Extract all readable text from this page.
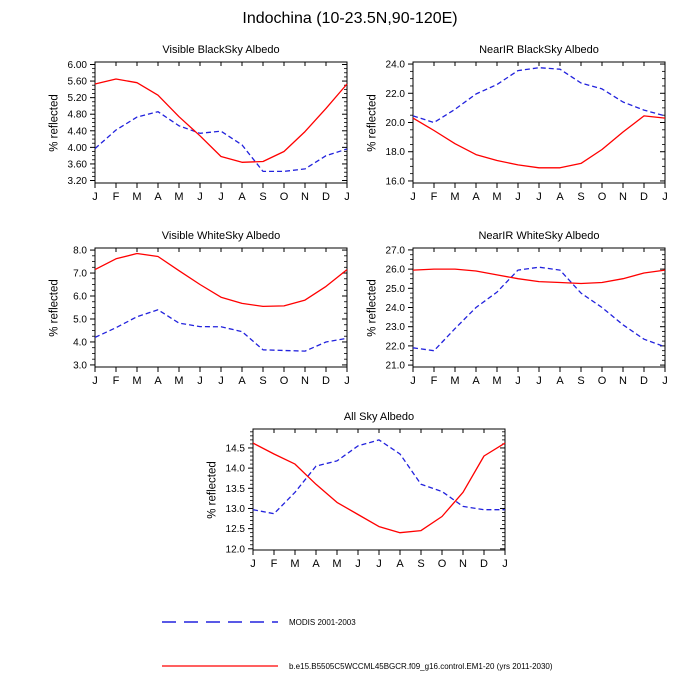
Indochina (10-23.5N,90-120E)
Visible BlackSky Albedo
% reflected
J F M A M J J A S O N D J
3.20
3.60
4.00
4.40
4.80
5.20
5.60
6.00
NearIR BlackSky Albedo
% reflected
J F M A M J J A S O N D J
16.0
18.0
20.0
22.0
24.0
Visible WhiteSky Albedo
% reflected
J F M A M J J A S O N D J
3.0
4.0
5.0
6.0
7.0
8.0
NearIR WhiteSky Albedo
% reflected
J F M A M J J A S O N D J
21.0
22.0
23.0
24.0
25.0
26.0
27.0
All Sky Albedo
% reflected
J F M A M J J A S O N D J
12.0
12.5
13.0
13.5
14.0
14.5
MODIS 2001-2003
b.e15.B5505C5WCCML45BGCR.f09_g16.control.EM1-20 (yrs 2011-2030)
